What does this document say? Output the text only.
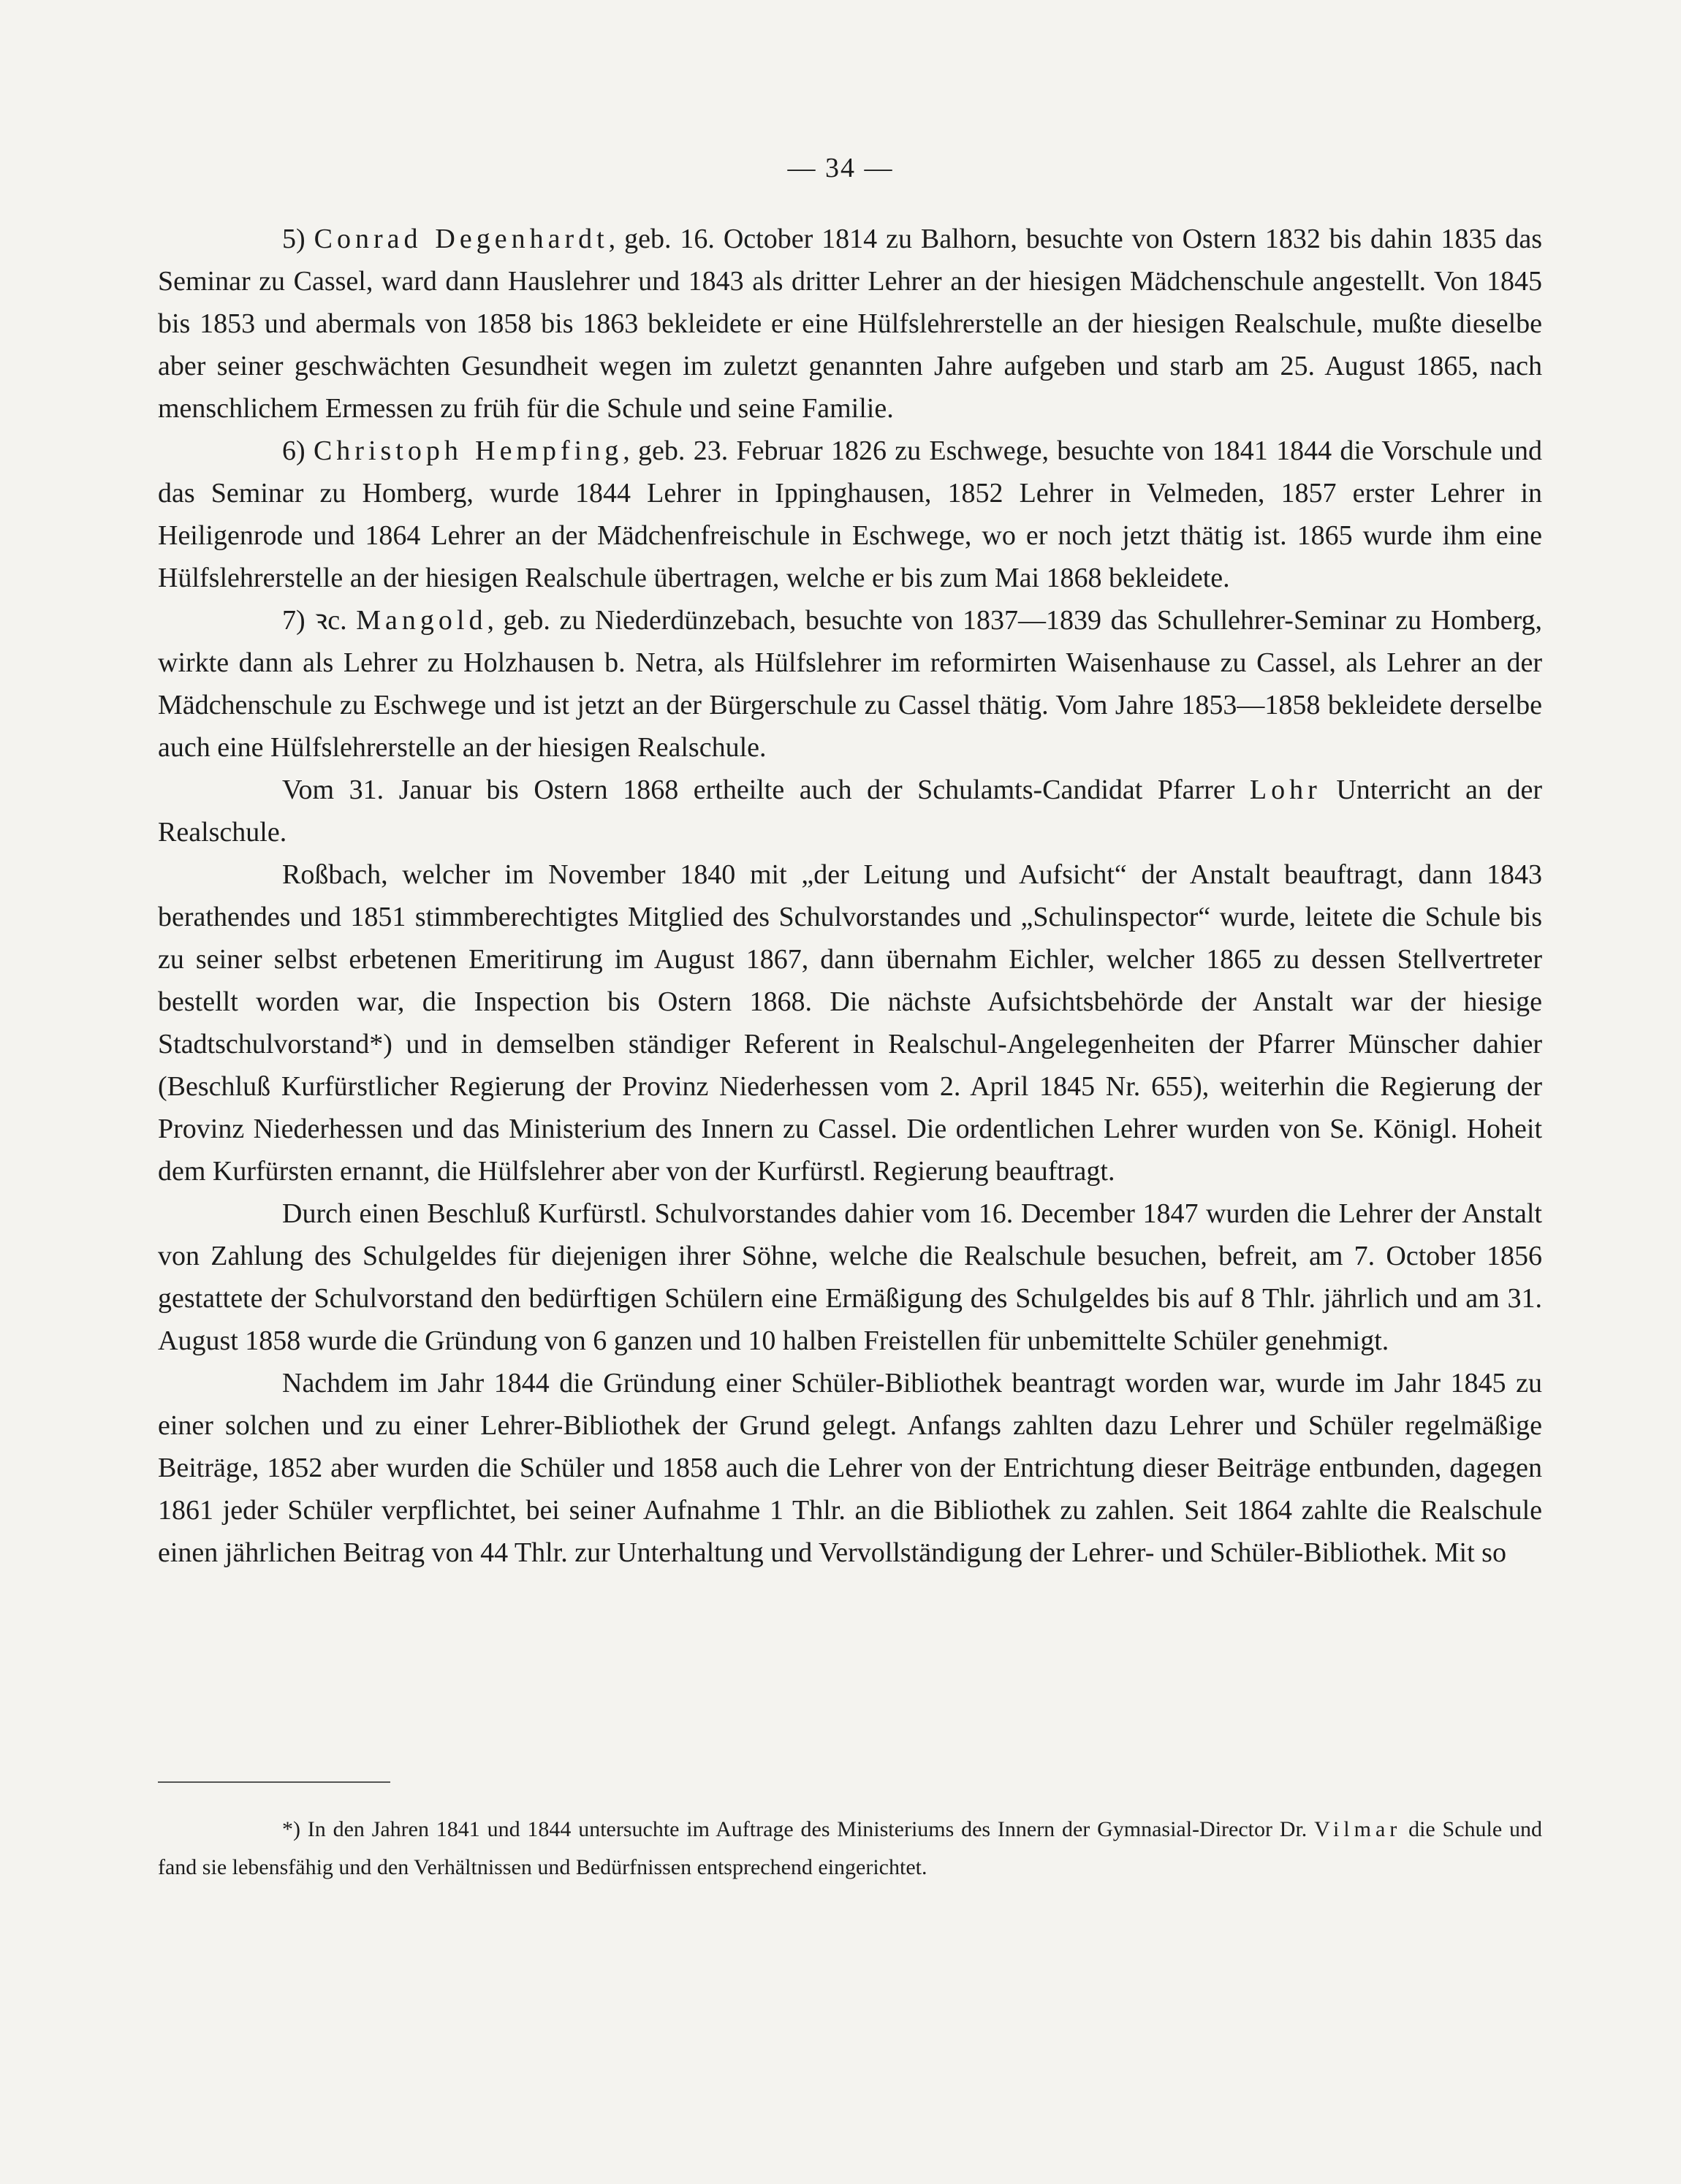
— 34 —

5) Conrad Degenhardt, geb. 16. October 1814 zu Balhorn, besuchte von Ostern 1832 bis dahin 1835 das Seminar zu Cassel, ward dann Hauslehrer und 1843 als dritter Lehrer an der hiesigen Mädchenschule angestellt. Von 1845 bis 1853 und abermals von 1858 bis 1863 bekleidete er eine Hülfslehrerstelle an der hiesigen Realschule, mußte dieselbe aber seiner geschwächten Gesundheit wegen im zuletzt genannten Jahre aufgeben und starb am 25. August 1865, nach menschlichem Ermessen zu früh für die Schule und seine Familie.

6) Christoph Hempfing, geb. 23. Februar 1826 zu Eschwege, besuchte von 1841 1844 die Vorschule und das Seminar zu Homberg, wurde 1844 Lehrer in Ippinghausen, 1852 Lehrer in Velmeden, 1857 erster Lehrer in Heiligenrode und 1864 Lehrer an der Mädchenfreischule in Eschwege, wo er noch jetzt thätig ist. 1865 wurde ihm eine Hülfslehrerstelle an der hiesigen Realschule übertragen, welche er bis zum Mai 1868 bekleidete.

7) ꝛc. Mangold, geb. zu Niederdünzebach, besuchte von 1837—1839 das Schullehrer-Seminar zu Homberg, wirkte dann als Lehrer zu Holzhausen b. Netra, als Hülfslehrer im reformirten Waisenhause zu Cassel, als Lehrer an der Mädchenschule zu Eschwege und ist jetzt an der Bürgerschule zu Cassel thätig. Vom Jahre 1853—1858 bekleidete derselbe auch eine Hülfslehrerstelle an der hiesigen Realschule.

Vom 31. Januar bis Ostern 1868 ertheilte auch der Schulamts-Candidat Pfarrer Lohr Unterricht an der Realschule.

Roßbach, welcher im November 1840 mit „der Leitung und Aufsicht“ der Anstalt beauftragt, dann 1843 berathendes und 1851 stimmberechtigtes Mitglied des Schulvorstandes und „Schulinspector“ wurde, leitete die Schule bis zu seiner selbst erbetenen Emeritirung im August 1867, dann übernahm Eichler, welcher 1865 zu dessen Stellvertreter bestellt worden war, die Inspection bis Ostern 1868. Die nächste Aufsichtsbehörde der Anstalt war der hiesige Stadtschulvorstand*) und in demselben ständiger Referent in Realschul-Angelegenheiten der Pfarrer Münscher dahier (Beschluß Kurfürstlicher Regierung der Provinz Niederhessen vom 2. April 1845 Nr. 655), weiterhin die Regierung der Provinz Niederhessen und das Ministerium des Innern zu Cassel. Die ordentlichen Lehrer wurden von Se. Königl. Hoheit dem Kurfürsten ernannt, die Hülfslehrer aber von der Kurfürstl. Regierung beauftragt.

Durch einen Beschluß Kurfürstl. Schulvorstandes dahier vom 16. December 1847 wurden die Lehrer der Anstalt von Zahlung des Schulgeldes für diejenigen ihrer Söhne, welche die Realschule besuchen, befreit, am 7. October 1856 gestattete der Schulvorstand den bedürftigen Schülern eine Ermäßigung des Schulgeldes bis auf 8 Thlr. jährlich und am 31. August 1858 wurde die Gründung von 6 ganzen und 10 halben Freistellen für unbemittelte Schüler genehmigt.

Nachdem im Jahr 1844 die Gründung einer Schüler-Bibliothek beantragt worden war, wurde im Jahr 1845 zu einer solchen und zu einer Lehrer-Bibliothek der Grund gelegt. Anfangs zahlten dazu Lehrer und Schüler regelmäßige Beiträge, 1852 aber wurden die Schüler und 1858 auch die Lehrer von der Entrichtung dieser Beiträge entbunden, dagegen 1861 jeder Schüler verpflichtet, bei seiner Aufnahme 1 Thlr. an die Bibliothek zu zahlen. Seit 1864 zahlte die Realschule einen jährlichen Beitrag von 44 Thlr. zur Unterhaltung und Vervollständigung der Lehrer- und Schüler-Bibliothek. Mit so

*) In den Jahren 1841 und 1844 untersuchte im Auftrage des Ministeriums des Innern der Gymnasial-Director Dr. Vilmar die Schule und fand sie lebensfähig und den Verhältnissen und Bedürfnissen entsprechend eingerichtet.
